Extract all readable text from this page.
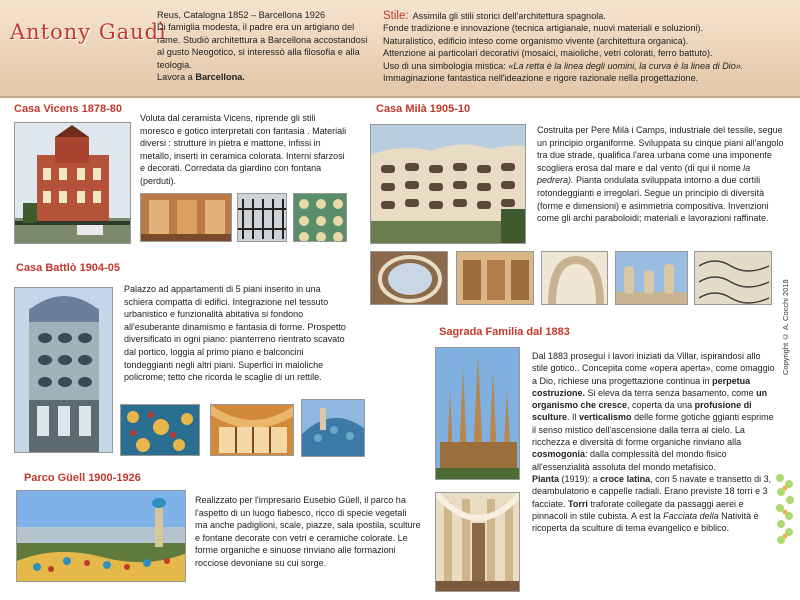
Antony Gaudì
Reus, Catalogna 1852 – Barcellona 1926
Di famiglia modesta, il padre era un artigiano del rame. Studiò architettura a Barcellona accostandosi al gusto Neogotico, si interessò alla filosofia e alla teologia.
Lavora a Barcellona.
Stile: Assimila gli stili storici dell'architettura spagnola.
Fonde tradizione e innovazione (tecnica artigianale, nuovi materiali e soluzioni).
Naturalistico, edificio inteso come organismo vivente (architettura organica).
Attenzione ai particolari decorativi (mosaici, maioliche, vetri colorati, ferro battuto).
Uso di una simbologia mistica: «La retta è la linea degli uomini, la curva è la linea di Dio».
Immaginazione fantastica nell'ideazione e rigore razionale nella progettazione.
Casa Vicens 1878-80
Voluta dal ceramista Vicens, riprende gli stili moresco e gotico interpretati con fantasia . Materiali diversi : strutture in pietra e mattone, infissi in metallo, inserti in ceramica colorata. Interni sfarzosi e decorati. Corredata da giardino con fontana (perduti).
Casa Milà 1905-10
Costruita per Pere Milà i Camps, industriale del tessile, segue un principio organiforme. Sviluppata su cinque piani all'angolo tra due strade, qualifica l'area urbana come una imponente scogliera erosa dal mare e dal vento (di qui il nome la pedrera). Pianta ondulata sviluppata intorno a due cortili rotondeggianti e irregolari. Segue un principio di diversità (forme e dimensioni) e asimmetria compositiva. Invenzioni come gli archi paraboloidi; materiali e lavorazioni raffinate.
Casa Battlò 1904-05
Palazzo ad appartamenti di 5 piani inserito in una schiera compatta di edifici. Integrazione nel tessuto urbanistico e funzionalità abitativa si fondono all'esuberante dinamismo e fantasia di forme. Prospetto diversificato in ogni piano: pianterreno rientrato scavato dal portico, loggia al primo piano e balconcini tondeggianti negli altri piani. Superfici in maioliche policrome; tetto che ricorda le scaglie di un rettile.
Sagrada Familia dal 1883
Dal 1883 proseguì i lavori iniziati da Villar, ispirandosi allo stile gotico.. Concepita come «opera aperta», come omaggio a Dio, richiese una progettazione continua in perpetua costruzione. Si eleva da terra senza basamento, come un organismo che cresce, coperta da una profusione di sculture. Il verticalismo delle forme gotiche ggianti esprime il senso mistico dell'ascensione dalla terra al cielo. La ricchezza e diversità di forme organiche rinviano alla cosmogonia: dalla complessità del mondo fisico all'essenzialità assoluta del mondo metafisico.
Pianta (1919): a croce latina, con 5 navate e transetto di 3, deambulatorio e cappelle radiali. Erano previste 18 torri e 3 facciate. Torri traforate collegate da passaggi aerei e pinnacoli in stile cubista. A est la Facciata della Natività è ricoperta da sculture di tema evangelico e biblico.
Parco Güell 1900-1926
Realizzato per l'impresario Eusebio Güell, il parco ha l'aspetto di un luogo fiabesco, ricco di specie vegetali ma anche padiglioni, scale, piazze, sala ipostila, sculture e fontane decorate con vetri e ceramiche colorate. Le forme organiche e sinuose rinviano alle formazioni rocciose devoniane su cui sorge.
Copyright © A. Cocchi 2018
